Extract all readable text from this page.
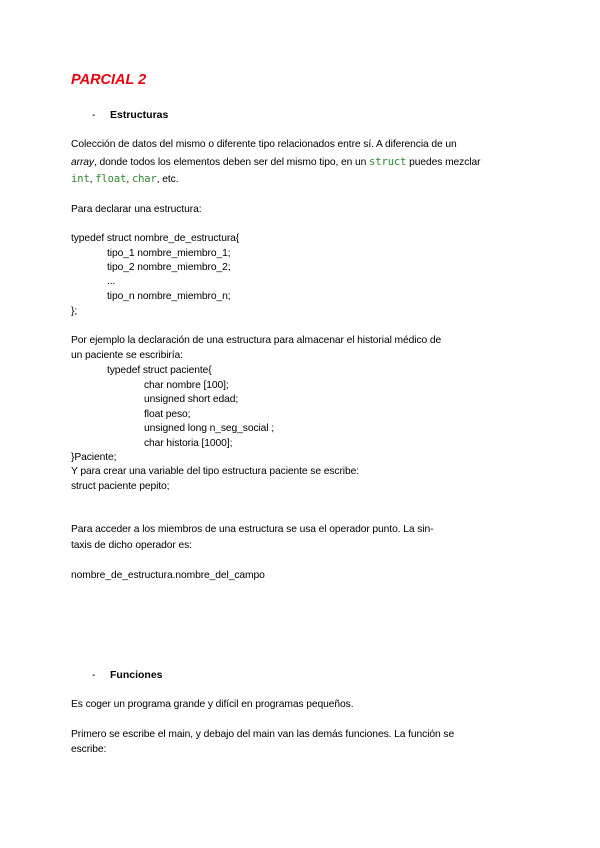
PARCIAL 2
- Estructuras
Colección de datos del mismo o diferente tipo relacionados entre sí. A diferencia de un
array, donde todos los elementos deben ser del mismo tipo, en un struct puedes mezclar
int, float, char, etc.
Para declarar una estructura:
typedef struct nombre_de_estructura{
tipo_1 nombre_miembro_1;
tipo_2 nombre_miembro_2;
...
tipo_n nombre_miembro_n;
};
Por ejemplo la declaración de una estructura para almacenar el historial médico de
un paciente se escribiría:
typedef struct paciente{
char nombre [100];
unsigned short edad;
float peso;
unsigned long n_seg_social ;
char historia [1000];
}Paciente;
Y para crear una variable del tipo estructura paciente se escribe:
struct paciente pepito;
Para acceder a los miembros de una estructura se usa el operador punto. La sin-
taxis de dicho operador es:
nombre_de_estructura.nombre_del_campo
- Funciones
Es coger un programa grande y difícil en programas pequeños.
Primero se escribe el main, y debajo del main van las demás funciones. La función se
escribe:
